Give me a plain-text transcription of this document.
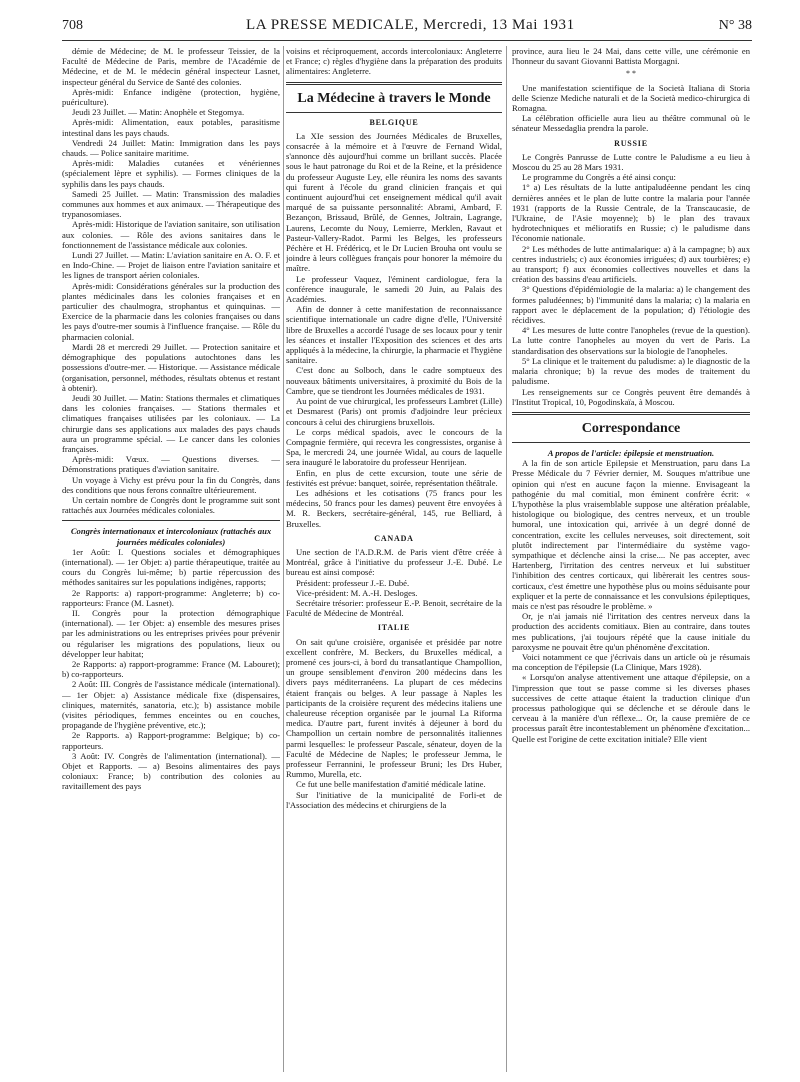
708	LA PRESSE MEDICALE, Mercredi, 13 Mai 1931	N° 38

démie de Médecine; de M. le professeur Teissier, de la Faculté de Médecine de Paris, membre de l'Académie de Médecine, et de M. le médecin général inspecteur Lasnet, inspecteur général du Service de Santé des colonies.

Après-midi: Enfance indigène (protection, hygiène, puériculture).

Jeudi 23 Juillet. — Matin: Anophèle et Stegomya.

Après-midi: Alimentation, eaux potables, parasitisme intestinal dans les pays chauds.

Vendredi 24 Juillet: Matin: Immigration dans les pays chauds. — Police sanitaire maritime.

Après-midi: Maladies cutanées et vénériennes (spécialement lèpre et syphilis). — Formes cliniques de la syphilis dans les pays chauds.

Samedi 25 Juillet. — Matin: Transmission des maladies communes aux hommes et aux animaux. — Thérapeutique des trypanosomiases.

Après-midi: Historique de l'aviation sanitaire, son utilisation aux colonies. — Rôle des avions sanitaires dans le fonctionnement de l'assistance médicale aux colonies.

Lundi 27 Juillet. — Matin: L'aviation sanitaire en A. O. F. et en Indo-Chine. — Projet de liaison entre l'aviation sanitaire et les lignes de transport aérien coloniales.

Après-midi: Considérations générales sur la production des plantes médicinales dans les colonies françaises et en particulier des chaulmogra, strophantus et quinquinas. — Exercice de la pharmacie dans les colonies françaises ou dans les pays d'outre-mer soumis à l'influence française. — Rôle du pharmacien colonial.

Mardi 28 et mercredi 29 Juillet. — Protection sanitaire et démographique des populations autochtones dans les possessions d'outre-mer. — Historique. — Assistance médicale (organisation, personnel, méthodes, résultats obtenus et restant à obtenir).

Jeudi 30 Juillet. — Matin: Stations thermales et climatiques dans les colonies françaises. — Stations thermales et climatiques françaises utilisées par les coloniaux. — La chirurgie dans ses applications aux malades des pays chauds aura un programme spécial. — Le cancer dans les colonies françaises.

Après-midi: Vœux. — Questions diverses. — Démonstrations pratiques d'aviation sanitaire.

Un voyage à Vichy est prévu pour la fin du Congrès, dans des conditions que nous ferons connaître ultérieurement.

Un certain nombre de Congrès dont le programme suit sont rattachés aux Journées médicales coloniales.

Congrès internationaux et intercoloniaux (rattachés aux journées médicales coloniales)

1er Août: I. Questions sociales et démographiques (international). — 1er Objet: a) partie thérapeutique, traitée au cours du Congrès lui-même; b) partie répercussion des méthodes sanitaires sur les populations indigènes, rapports;

2e Rapports: a) rapport-programme: Angleterre; b) co-rapporteurs: France (M. Lasnet).

II. Congrès pour la protection démographique (international). — 1er Objet: a) ensemble des mesures prises par les administrations ou les entreprises privées pour prévenir ou régulariser les migrations des populations, lieux ou développer leur habitat;

2e Rapports: a) rapport-programme: France (M. Labouret); b) co-rapporteurs.

2 Août: III. Congrès de l'assistance médicale (international). — 1er Objet: a) Assistance médicale fixe (dispensaires, cliniques, maternités, sanatoria, etc.); b) assistance mobile (visites périodiques, femmes enceintes ou en couches, propagande de l'hygiène préventive, etc.);

2e Rapports. a) Rapport-programme: Belgique; b) co-rapporteurs.

3 Août: IV. Congrès de l'alimentation (international). — Objet et Rapports. — a) Besoins alimentaires des pays coloniaux: France; b) contribution des colonies au ravitaillement des pays

voisins et réciproquement, accords intercoloniaux: Angleterre et France; c) règles d'hygiène dans la préparation des produits alimentaires: Angleterre.

La Médecine à travers le Monde
BELGIQUE

La XIe session des Journées Médicales de Bruxelles, consacrée à la mémoire et à l'œuvre de Fernand Widal, s'annonce dès aujourd'hui comme un brillant succès. Placée sous le haut patronage du Roi et de la Reine, et la présidence du professeur Auguste Ley, elle réunira les noms des savants qui furent à l'école du grand clinicien français et qui continuent aujourd'hui cet enseignement médical qu'il avait marqué de sa puissante personnalité: Abrami, Ambard, F. Bezançon, Brissaud, Brûlé, de Gennes, Joltrain, Lagrange, Laurens, Lecomte du Nouy, Lemierre, Merklen, Ravaut et Pasteur-Vallery-Radot. Parmi les Belges, les professeurs Péchère et H. Frédéricq, et le Dr Lucien Brouha ont voulu se joindre à leurs collègues français pour honorer la mémoire du maître.

Le professeur Vaquez, l'éminent cardiologue, fera la conférence inaugurale, le samedi 20 Juin, au Palais des Académies.

Afin de donner à cette manifestation de reconnaissance scientifique internationale un cadre digne d'elle, l'Université libre de Bruxelles a accordé l'usage de ses locaux pour y tenir les séances et installer l'Exposition des sciences et des arts appliqués à la médecine, la chirurgie, la pharmacie et l'hygiène sanitaire.

C'est donc au Solboch, dans le cadre somptueux des nouveaux bâtiments universitaires, à proximité du Bois de la Cambre, que se tiendront les Journées médicales de 1931.

Au point de vue chirurgical, les professeurs Lambret (Lille) et Desmarest (Paris) ont promis d'adjoindre leur précieux concours à celui des chirurgiens bruxellois.

Le corps médical spadois, avec le concours de la Compagnie fermière, qui recevra les congressistes, organise à Spa, le mercredi 24, une journée Widal, au cours de laquelle sera inauguré le laboratoire du professeur Henrijean.

Enfin, en plus de cette excursion, toute une série de festivités est prévue: banquet, soirée, représentation théâtrale.

Les adhésions et les cotisations (75 francs pour les médecins, 50 francs pour les dames) peuvent être envoyées à M. R. Beckers, secrétaire-général, 145, rue Belliard, à Bruxelles.

CANADA

Une section de l'A.D.R.M. de Paris vient d'être créée à Montréal, grâce à l'initiative du professeur J.-E. Dubé. Le bureau est ainsi composé:

Président: professeur J.-E. Dubé.

Vice-président: M. A.-H. Desloges.

Secrétaire trésorier: professeur E.-P. Benoit, secrétaire de la Faculté de Médecine de Montréal.

ITALIE

On sait qu'une croisière, organisée et présidée par notre excellent confrère, M. Beckers, du Bruxelles médical, a promené ces jours-ci, à bord du transatlantique Champollion, un groupe sensiblement d'environ 200 médecins dans les divers pays méditerranéens. La plupart de ces médecins étaient français ou belges. A leur passage à Naples les participants de la croisière reçurent des médecins italiens une chaleureuse réception organisée par le journal La Riforma medica. D'autre part, furent invités à déjeuner à bord du Champollion un certain nombre de personnalités italiennes parmi lesquelles: le professeur Pascale, sénateur, doyen de la Faculté de Médecine de Naples; le professeur Jemma, le professeur Ferrannini, le professeur Bruni; les Drs Huber, Rummo, Murella, etc.

Ce fut une belle manifestation d'amitié médicale latine.

Sur l'initiative de la municipalité de Forli-et de l'Association des médecins et chirurgiens de la

province, aura lieu le 24 Mai, dans cette ville, une cérémonie en l'honneur du savant Giovanni Battista Morgagni.

* *

Une manifestation scientifique de la Società Italiana di Storia delle Scienze Mediche naturali et de la Società medico-chirurgica di Romagna.

La célébration officielle aura lieu au théâtre communal où le sénateur Messedaglia prendra la parole.

RUSSIE

Le Congrès Panrusse de Lutte contre le Paludisme a eu lieu à Moscou du 25 au 28 Mars 1931.

Le programme du Congrès a été ainsi conçu:

1° a) Les résultats de la lutte antipaludéenne pendant les cinq dernières années et le plan de lutte contre la malaria pour l'année 1931 (rapports de la Russie Centrale, de la Transcaucasie, de l'Ukraine, de l'Asie moyenne); b) le plan des travaux hydrotechniques et mélioratifs en Russie; c) le paludisme dans l'économie nationale.

2° Les méthodes de lutte antimalarique: a) à la campagne; b) aux centres industriels; c) aux économies irriguées; d) aux tourbières; e) au transport; f) aux économies collectives nouvelles et dans la création des bassins d'eau artificiels.

3° Questions d'épidémiologie de la malaria: a) le changement des formes paludéennes; b) l'immunité dans la malaria; c) la malaria en rapport avec le déplacement de la population; d) l'étiologie des récidives.

4° Les mesures de lutte contre l'anopheles (revue de la question). La lutte contre l'anopheles au moyen du vert de Paris. La standardisation des observations sur la biologie de l'anopheles.

5° La clinique et le traitement du paludisme: a) le diagnostic de la malaria chronique; b) la revue des modes de traitement du paludisme.

Les renseignements sur ce Congrès peuvent être demandés à l'Institut Tropical, 10, Pogodinskaïa, à Moscou.

Correspondance

A propos de l'article: épilepsie et menstruation.

A la fin de son article Epilepsie et Menstruation, paru dans La Presse Médicale du 7 Février dernier, M. Souques m'attribue une opinion qui n'est en aucune façon la mienne. Envisageant la pathogénie du mal comitial, mon éminent confrère écrit: « L'hypothèse la plus vraisemblable suppose une altération préalable, histologique ou biologique, des centres nerveux, et un trouble humoral, une intoxication qui, arrivée à un degré donné de concentration, excite les cellules nerveuses, soit directement, soit plutôt indirectement par l'intermédiaire du système vago-sympathique et déclenche ainsi la crise.... Ne pas accepter, avec Hartenberg, l'irritation des centres nerveux et lui substituer l'inhibition des centres corticaux, qui libèrerait les centres sous-corticaux, c'est émettre une hypothèse plus ou moins séduisante pour expliquer et la perte de connaissance et les convulsions épileptiques, mais ce n'est pas résoudre le problème. »

Or, je n'ai jamais nié l'irritation des centres nerveux dans la production des accidents comitiaux. Bien au contraire, dans toutes mes publications, j'ai toujours répété que la cause initiale du paroxysme ne pouvait être qu'un phénomène d'excitation.

Voici notamment ce que j'écrivais dans un article où je résumais ma conception de l'épilepsie (La Clinique, Mars 1928).

« Lorsqu'on analyse attentivement une attaque d'épilepsie, on a l'impression que tout se passe comme si les diverses phases successives de cette attaque étaient la traduction clinique d'un processus pathologique qui se déclenche et se déroule dans le cerveau à la manière d'un réflexe... Or, la cause première de ce processus paraît être incontestablement un phénomène d'excitation... Quelle est l'origine de cette excitation initiale? Elle vient
